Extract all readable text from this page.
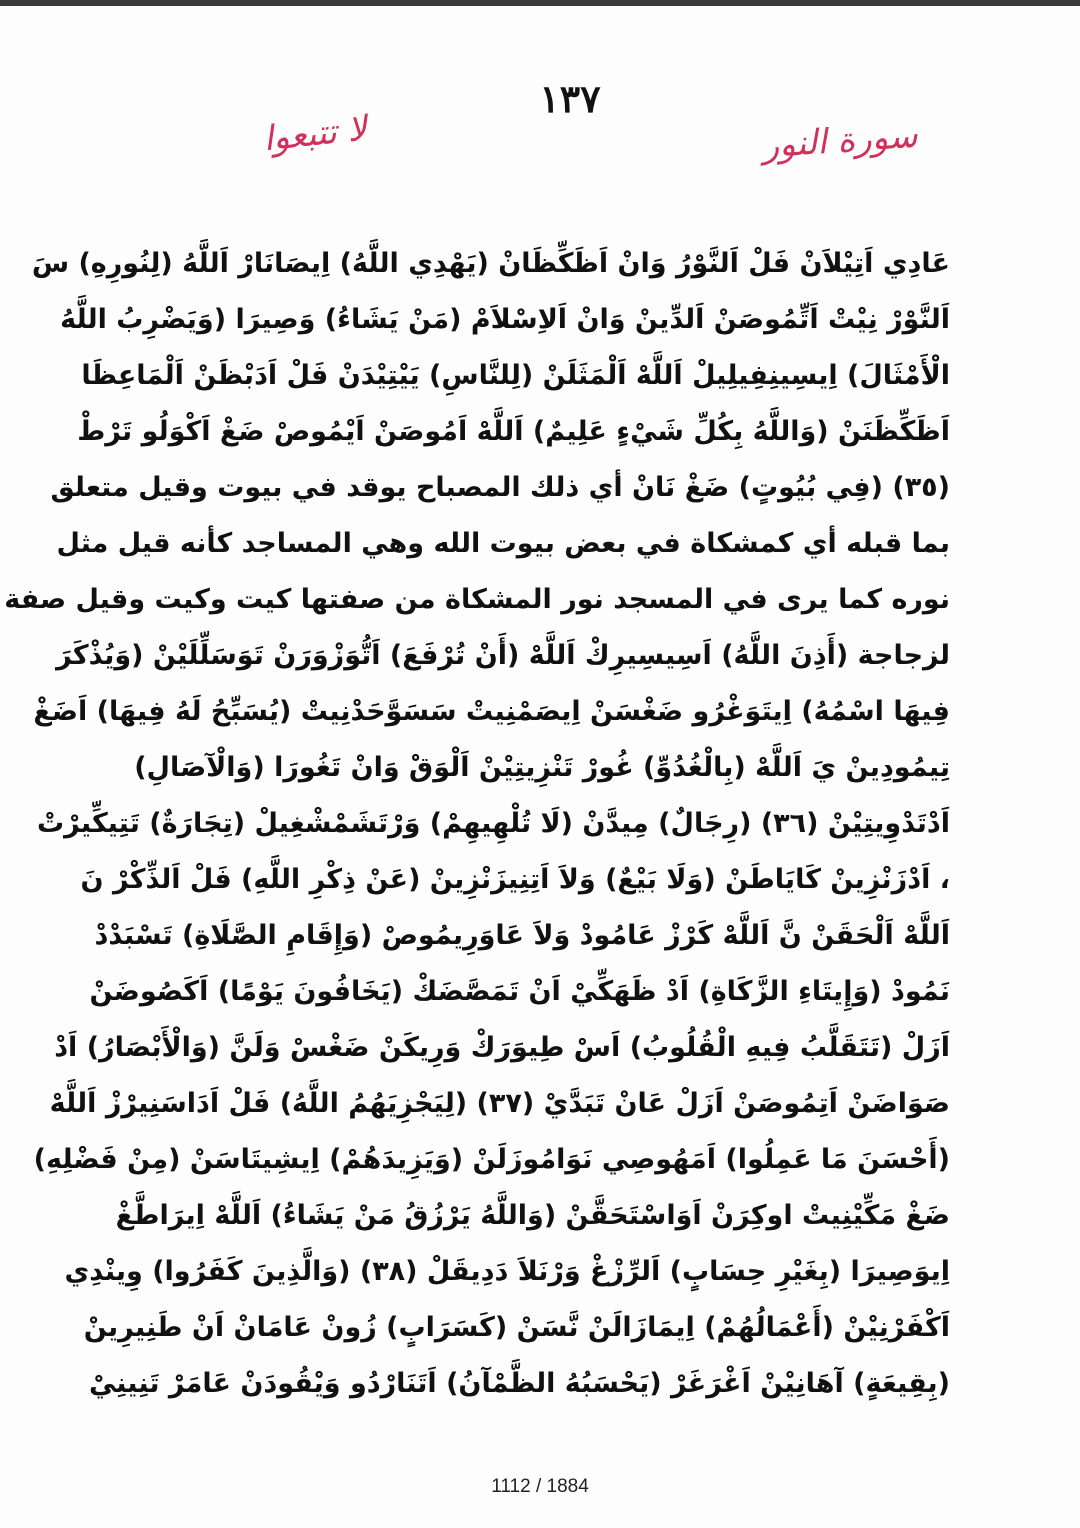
١٣٧
سورة النور
لا تتبعوا
عَادِي اَتِيْلاَنْ فَلْ اَلنَّوْرُ وَانْ اَظَكِّظَانْ (يَهْدِي اللَّهُ) اِيصَانَارْ اَللَّهُ (لِنُورِهِ) سَ
اَلنَّوْرْ نِيْتْ اَتِّمُوصَنْ اَلدِّينْ وَانْ اَلاِسْلاَمْ (مَنْ يَشَاءُ) وَصِيرَا (وَيَضْرِبُ اللَّهُ
الْأَمْثَالَ) اِيسِينِفِيلِيلْ اَللَّهْ اَلْمَثَلَنْ (لِلنَّاسِ) يَيْتِيْدَنْ فَلْ اَدَبْظَنْ اَلْمَاعِظَا
اَظَكِّظَنَنْ (وَاللَّهُ بِكُلِّ شَيْءٍ عَلِيمٌ) اَللَّهْ اَمُوصَنْ اَيْمُوصْ ضَغْ اَكْوَلُو تَرْطْ
(٣٥) (فِي بُيُوتٍ) ضَغْ نَانْ أي ذلك المصباح يوقد في بيوت وقيل متعلق
بما قبله أي كمشكاة في بعض بيوت الله وهي المساجد كأنه قيل مثل
نوره كما يرى في المسجد نور المشكاة من صفتها كيت وكيت وقيل صفة
لزجاجة (أَذِنَ اللَّهُ) اَسِيسِيرِكْ اَللَّهْ (أَنْ تُرْفَعَ) اَتُّوَزْوَرَنْ تَوَسَلِّلَيْنْ (وَيُذْكَرَ
فِيهَا اسْمُهُ) اِيتَوَغْرُو ضَغْسَنْ اِيصَمْنِيتْ سَسَوَّحَدْنِيتْ (يُسَبِّحُ لَهُ فِيهَا) اَضَغْ
تِيمُودِينْ يَ اَللَّهْ (بِالْغُدُوِّ) غُورْ تَنْزِيتِيْنْ اَلْوَقْ وَانْ تَغُورَا (وَالْآصَالِ)
اَدْتَدْوِيتِيْنْ (٣٦) (رِجَالٌ) مِيدَّنْ (لَا تُلْهِيهِمْ) وَرْتَشَمْشْغِيلْ (تِجَارَةٌ) تَتِيكِّيرْتْ
، اَدْزَنْزِينْ كَايَاطَنْ (وَلَا بَيْعٌ) وَلاَ اَتِنِيزَنْزِينْ (عَنْ ذِكْرِ اللَّهِ) فَلْ اَلذِّكْرْ نَ
اَللَّهْ اَلْحَقَنْ نَّ اَللَّهْ كَرْزْ عَامُودْ وَلاَ عَاوَرِيمُوصْ (وَإِقَامِ الصَّلَاةِ) تَسْبَدْدْ
نَمُودْ (وَإِيتَاءِ الزَّكَاةِ) اَدْ ظَهَكِّيْ اَنْ تَمَصَّضَكْ (يَخَافُونَ يَوْمًا) اَكَصُوضَنْ
اَزَلْ (تَتَقَلَّبُ فِيهِ الْقُلُوبُ) اَسْ طِيوَرَكْ وَرِيكَنْ ضَغْسْ وَلَنَّ (وَالْأَبْصَارُ) اَدْ
صَوَاضَنْ اَتِمُوصَنْ اَزَلْ عَانْ تَبَدَّيْ (٣٧) (لِيَجْزِيَهُمُ اللَّهُ) فَلْ اَدَاسَنِيرْزْ اَللَّهْ
(أَحْسَنَ مَا عَمِلُوا) اَمَهُوصِي نَوَامُوزَلَنْ (وَيَزِيدَهُمْ) اِيشِيتَاسَنْ (مِنْ فَضْلِهِ)
ضَغْ مَكِّيْنِيتْ اوكِرَنْ اَوَاسْتَحَقَّنْ (وَاللَّهُ يَرْزُقُ مَنْ يَشَاءُ) اَللَّهْ اِيرَاطَّغْ
اِيوَصِيرَا (بِغَيْرِ حِسَابٍ) اَلرِّزْغْ وَرْنَلاَ دَدِيقَلْ (٣٨) (وَالَّذِينَ كَفَرُوا) وِينْدِي
اَكْفَرْنِيْنْ (أَعْمَالُهُمْ) اِيمَازَالَنْ نَّسَنْ (كَسَرَابٍ) زُونْ عَامَانْ اَنْ طَنِيرِينْ
(بِقِيعَةٍ) آهَانِيْنْ اَغْرَغَرْ (يَحْسَبُهُ الظَّمْآنُ) اَتَنَارْدُو وَيْقُودَنْ عَامَرْ تَنِينِيْ
1112 / 1884
